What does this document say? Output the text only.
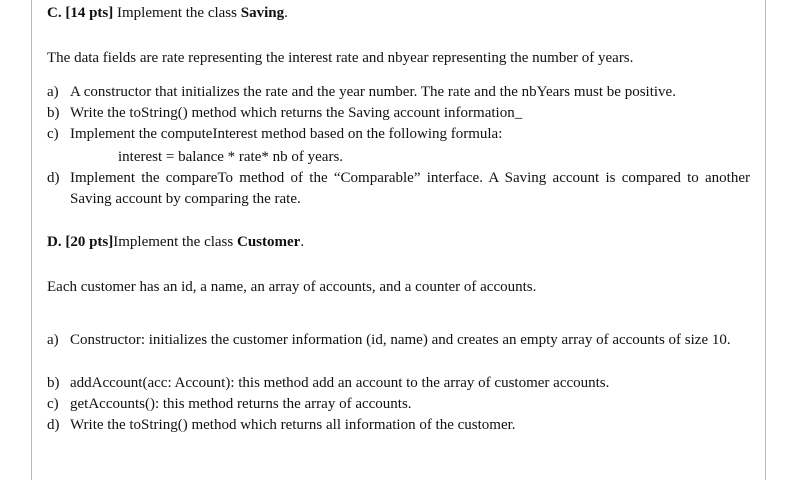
C. [14 pts] Implement the class Saving.
The data fields are rate representing the interest rate and nbyear representing the number of years.
a) A constructor that initializes the rate and the year number. The rate and the nbYears must be positive.
b) Write the toString() method which returns the Saving account information_
c) Implement the computeInterest method based on the following formula:
interest = balance * rate* nb of years.
d) Implement the compareTo method of the “Comparable” interface. A Saving account is compared to another Saving account by comparing the rate.
D. [20 pts]Implement the class Customer.
Each customer has an id, a name, an array of accounts, and a counter of accounts.
a) Constructor: initializes the customer information (id, name) and creates an empty array of accounts of size 10.
b) addAccount(acc: Account): this method add an account to the array of customer accounts.
c) getAccounts(): this method returns the array of accounts.
d) Write the toString() method which returns all information of the customer.
